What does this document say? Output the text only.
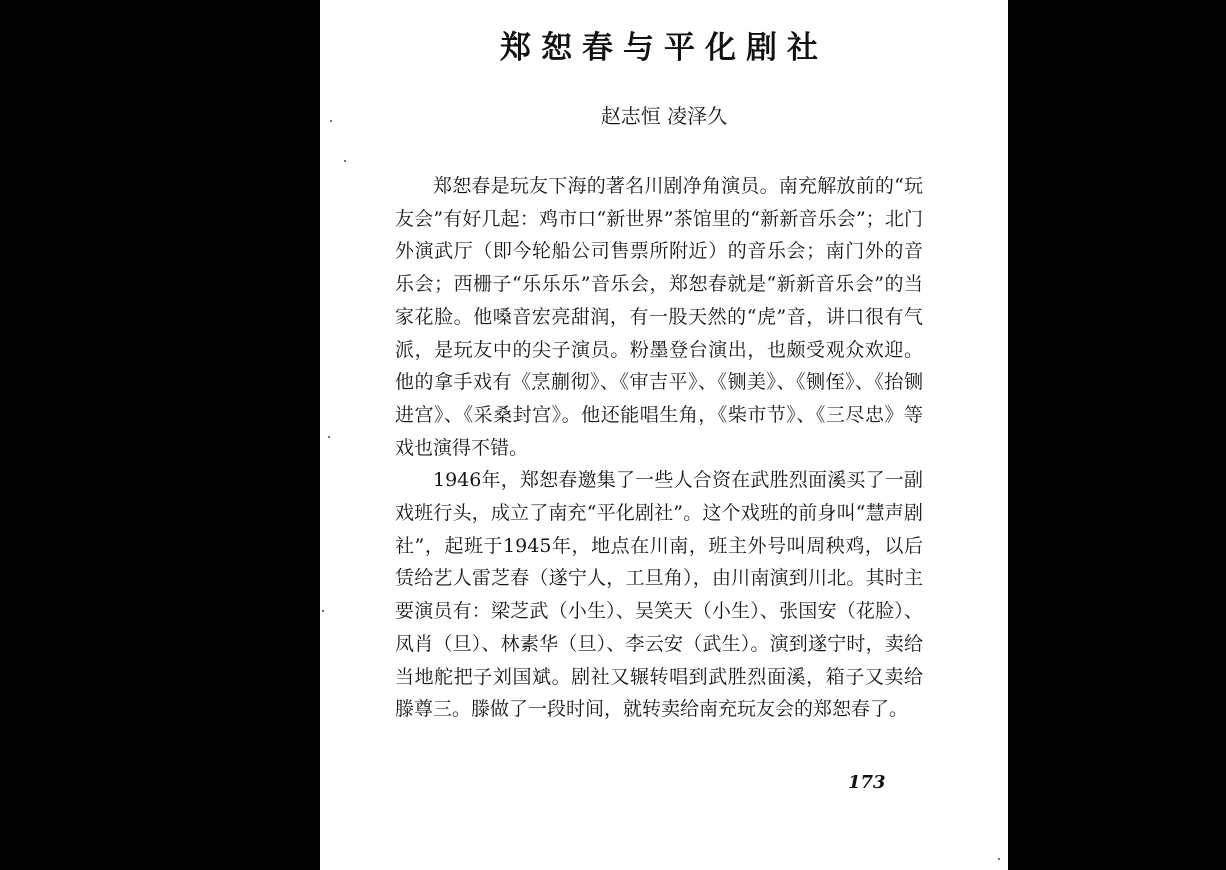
郑恕春与平化剧社
赵志恒 凌泽久

郑恕春是玩友下海的著名川剧净角演员。南充解放前的“玩友会”有好几起：鸡市口“新世界”茶馆里的“新新音乐会”；北门外演武厅（即今轮船公司售票所附近）的音乐会；南门外的音乐会；西栅子“乐乐乐”音乐会，郑恕春就是“新新音乐会”的当家花脸。他嗓音宏亮甜润，有一股天然的“虎”音，讲口很有气派，是玩友中的尖子演员。粉墨登台演出，也颇受观众欢迎。他的拿手戏有《烹蒯彻》、《审吉平》、《铡美》、《铡侄》、《抬铡进宫》、《采桑封宫》。他还能唱生角，《柴市节》、《三尽忠》等戏也演得不错。

1946年，郑恕春邀集了一些人合资在武胜烈面溪买了一副戏班行头，成立了南充“平化剧社”。这个戏班的前身叫“慧声剧社”，起班于1945年，地点在川南，班主外号叫周秧鸡，以后赁给艺人雷芝春（遂宁人，工旦角），由川南演到川北。其时主要演员有：梁芝武（小生）、吴笑天（小生）、张国安（花脸）、凤肖（旦）、林素华（旦）、李云安（武生）。演到遂宁时，卖给当地舵把子刘国斌。剧社又辗转唱到武胜烈面溪，箱子又卖给滕尊三。滕做了一段时间，就转卖给南充玩友会的郑恕春了。

173
